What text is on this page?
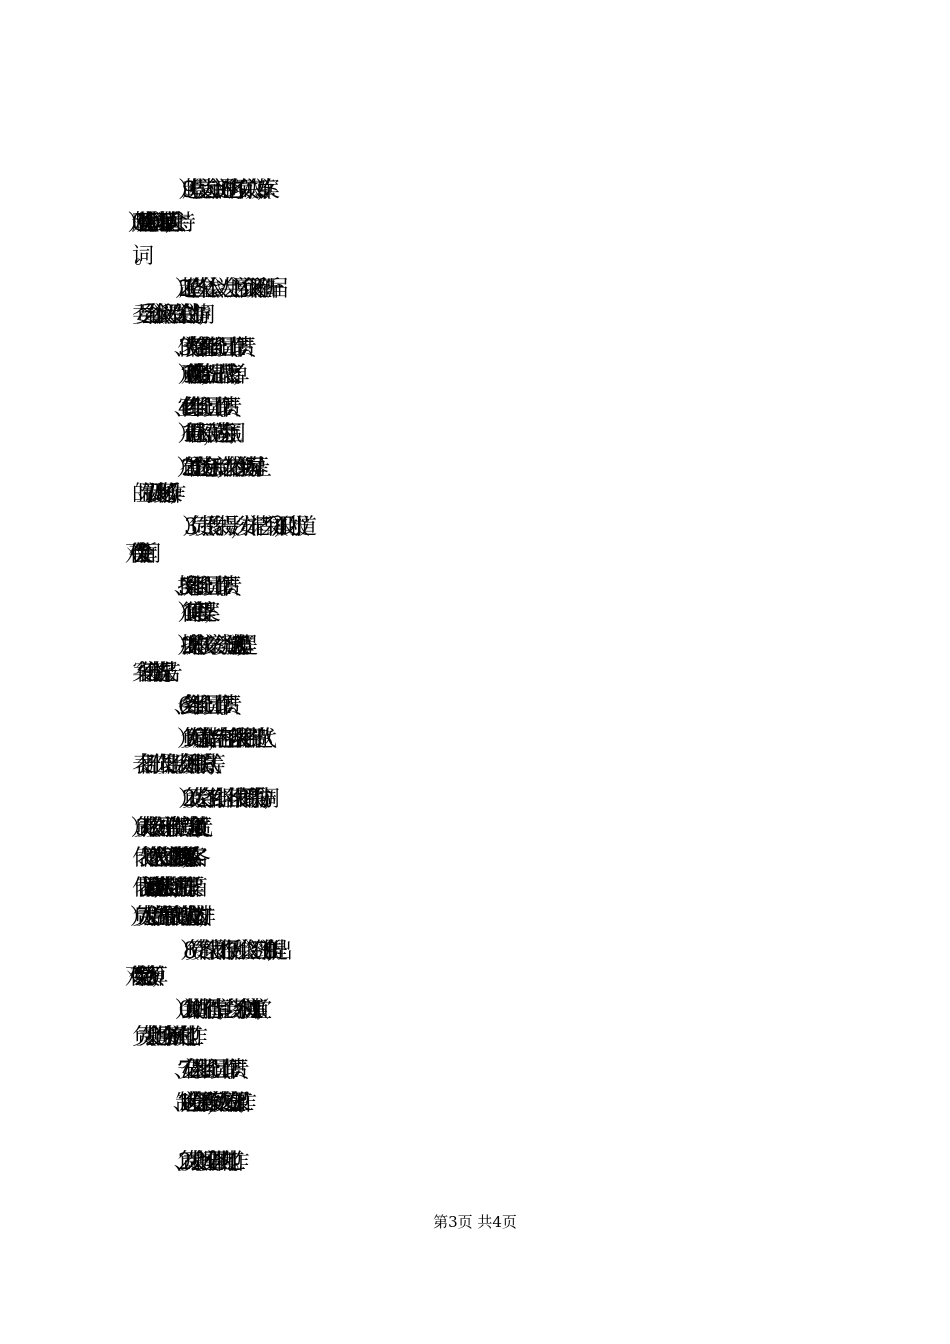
（9）起草提交大会审议通过的各项有关决议（草案）；
（10）起草“双代会”开幕词、闭幕词；（11）起草大会主持
词。
（12）起草各次全体会议、大会主席团会议议程和新一届
委员会全体会议议程及有关会议的主持词；
3、代表资格审查组组长：组员：工作职责：
（1）审查“双代会”代表资格；提出正式代表名单；
4、宣传组组长：组员：工作职责：
（1）布置厂区标语，营造两会氛围；
（2）布置主会场的会标、音响；大会内容在会场大屏幕上
的显示设计及现场操作；
（3）负责摄像、摄影，安排记者采访；（4）及时报道
“双代会”有关新闻
5、提案组组长：组员：工作职责：
（1）征集审理提案；
（2）提案的审核、立案、分类、登记工作；（3）起草提
案征集分类情况报告。
6、会务组组长：组员：工作职责：
（1）负责编印大会指南，内容包括各代表团名册、特邀代
表名册、工作人员名册、大会须知和联系方式等；
（2）负责大会各工作小组、各代表团的联系与协调；
（3）负责接收公司外兄弟单位贺信、贺电、贺礼；（4）负责
代表、特邀代表代表证、文件袋的购买；（5）负责联系落实各
代表团讨论场地；（6）清点统计代表到会情况；制作投票箱。
（7）负责大会主席台的布置和代表、特邀代表座位的安排；
（8）负责各代表团的报到和会议签到工作；（9）提出
“双代会”专项经费预算；
（10）会议期间的招待事宜；会场茶水供应事宜；（11）
负责大会期间与会务相关的其他工作。
7、安全保卫组组长：组员：工作职责：
1、制定大会安全保卫工作预案，负责大会的安全保卫工作；
2、负责大会期间安全保卫的其他工作。
第3页 共4页
